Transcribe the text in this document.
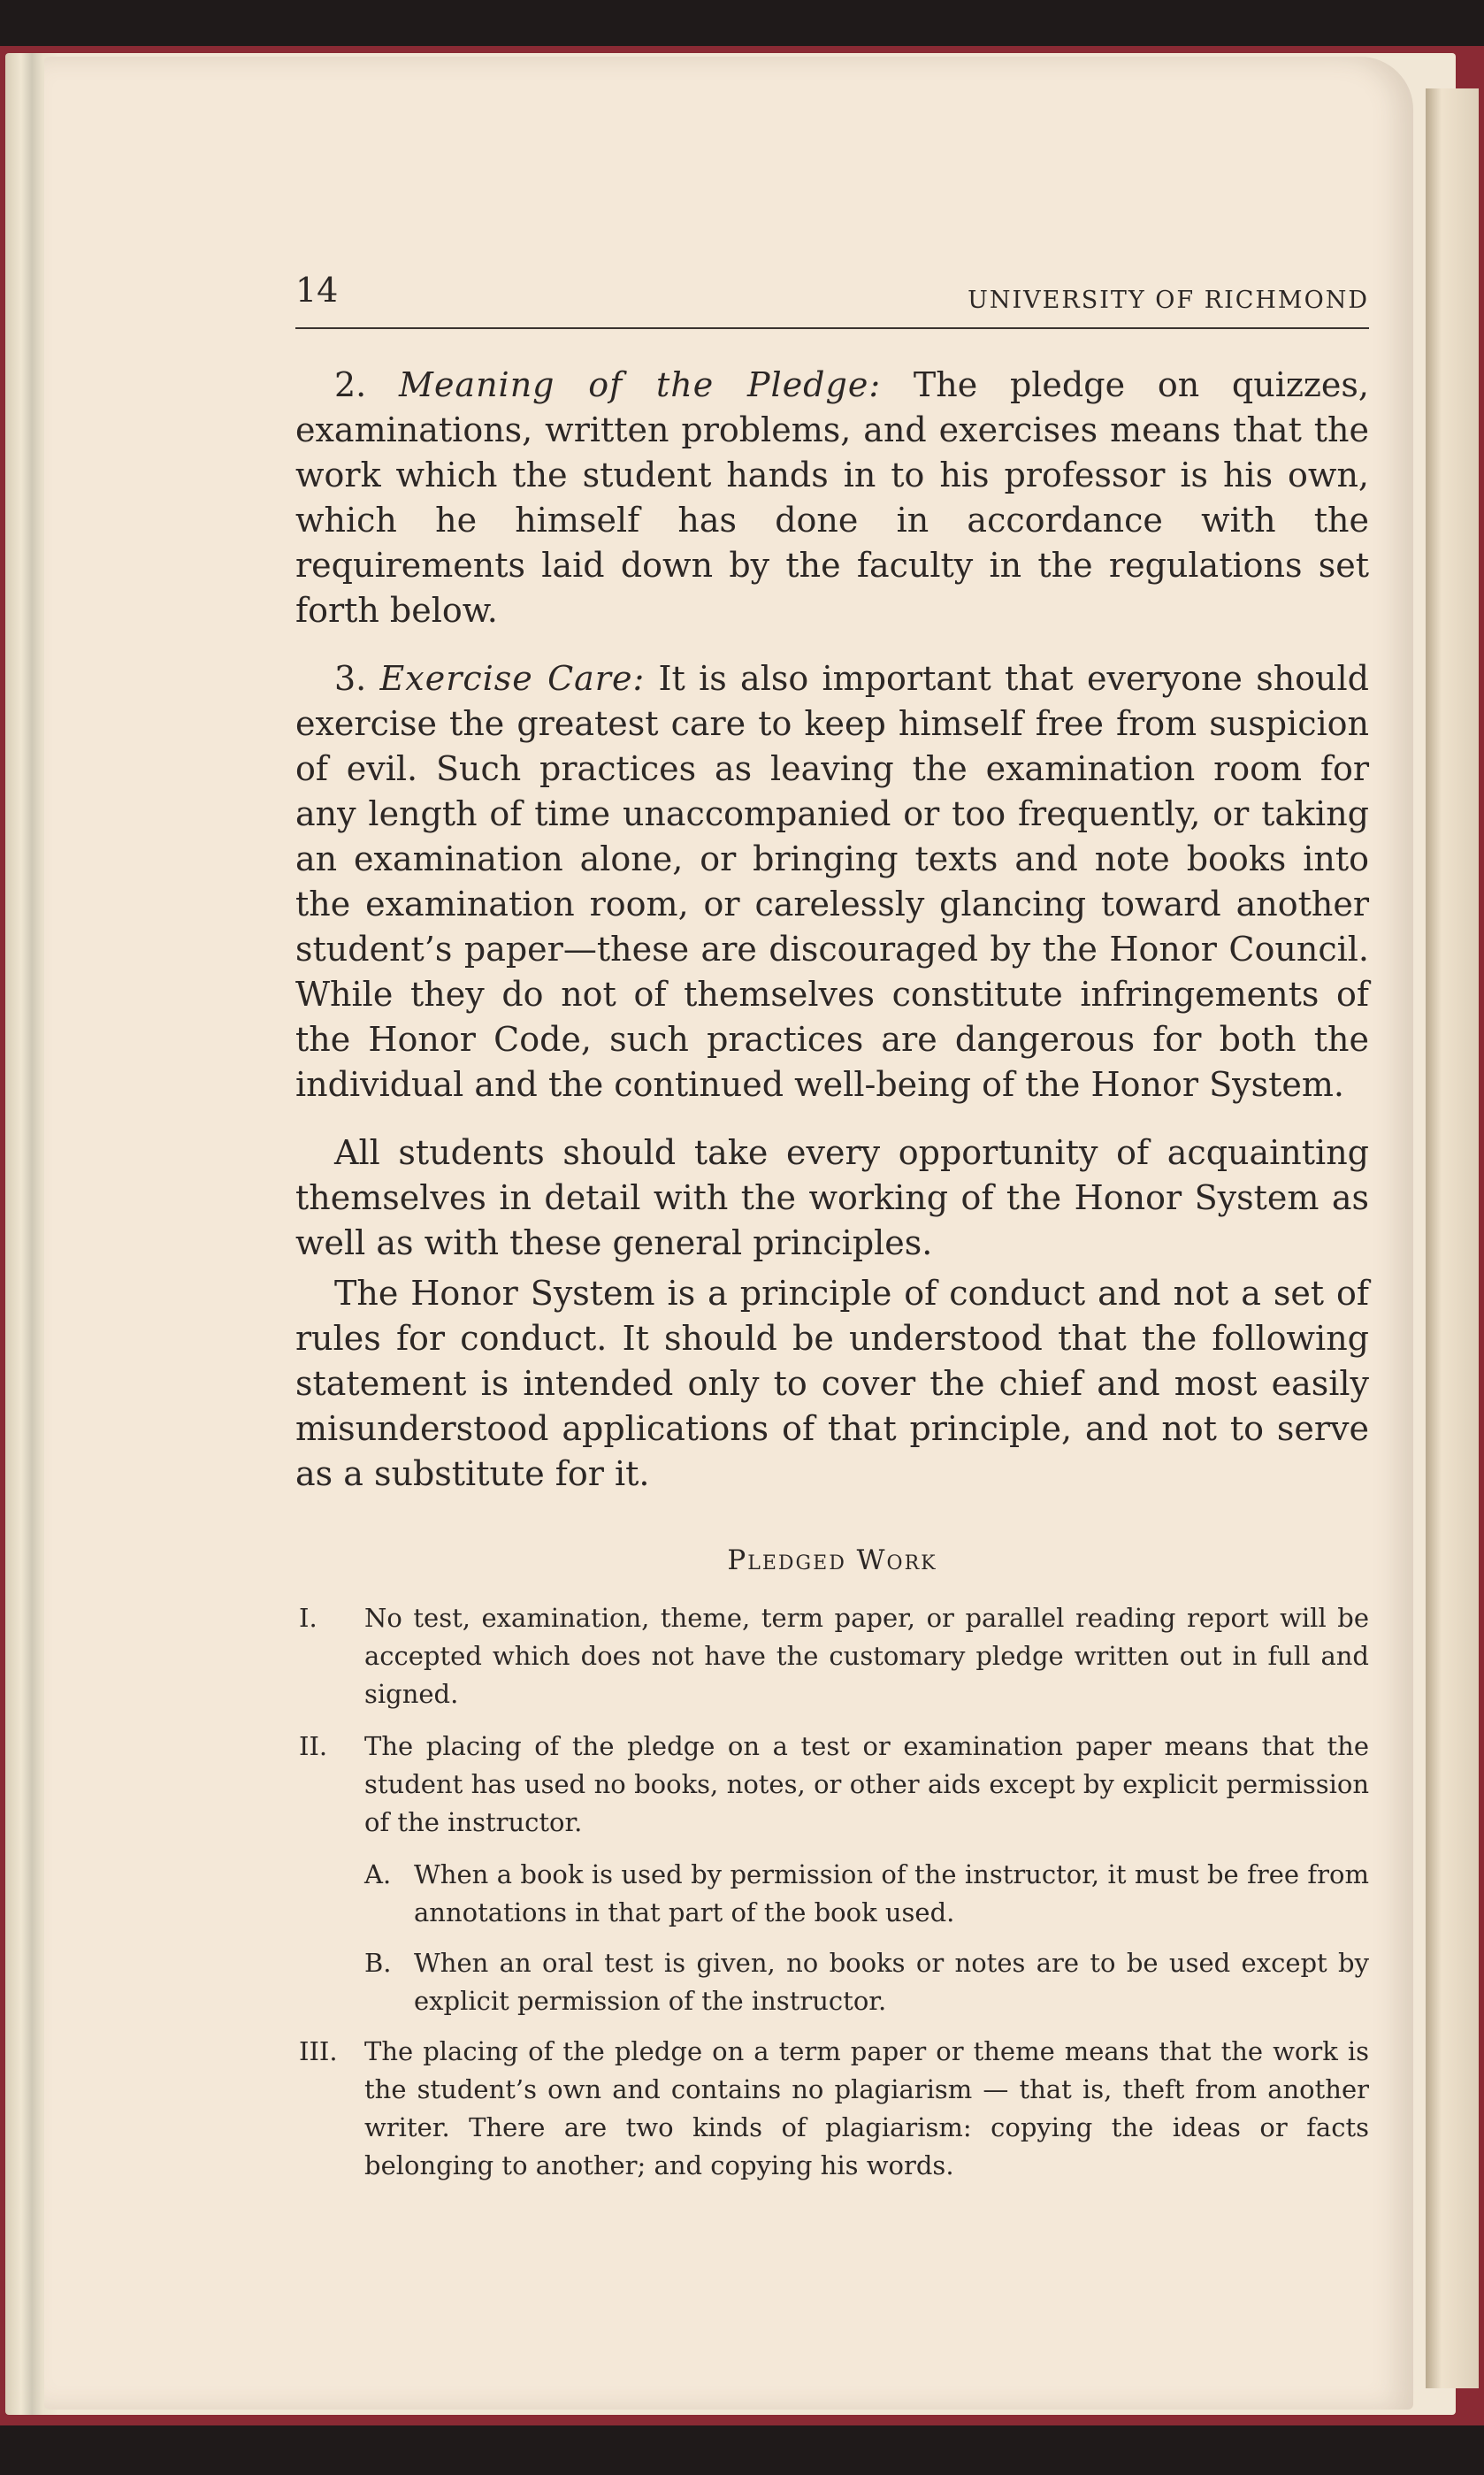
14	UNIVERSITY OF RICHMOND

2. Meaning of the Pledge: The pledge on quizzes, examinations, written problems, and exercises means that the work which the student hands in to his professor is his own, which he himself has done in accordance with the requirements laid down by the faculty in the regulations set forth below.

3. Exercise Care: It is also important that everyone should exercise the greatest care to keep himself free from suspicion of evil. Such practices as leaving the examination room for any length of time unaccompanied or too frequently, or taking an examination alone, or bringing texts and note books into the examination room, or carelessly glancing toward another student’s paper—these are discouraged by the Honor Council. While they do not of themselves constitute infringements of the Honor Code, such practices are dangerous for both the individual and the continued well-being of the Honor System.

All students should take every opportunity of acquainting themselves in detail with the working of the Honor System as well as with these general principles.

The Honor System is a principle of conduct and not a set of rules for conduct. It should be understood that the following statement is intended only to cover the chief and most easily misunderstood applications of that principle, and not to serve as a substitute for it.

Pledged Work
I.	No test, examination, theme, term paper, or parallel reading report will be accepted which does not have the customary pledge written out in full and signed.
II.	The placing of the pledge on a test or examination paper means that the student has used no books, notes, or other aids except by explicit permission of the instructor.
A. When a book is used by permission of the instructor, it must be free from annotations in that part of the book used.
B. When an oral test is given, no books or notes are to be used except by explicit permission of the instructor.
III.	The placing of the pledge on a term paper or theme means that the work is the student’s own and contains no plagiarism — that is, theft from another writer. There are two kinds of plagiarism: copying the ideas or facts belonging to another; and copying his words.
